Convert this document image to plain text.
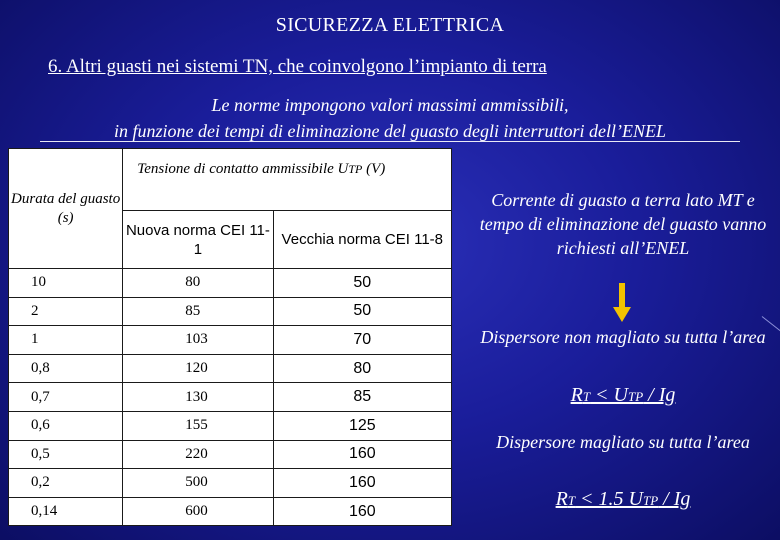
SICUREZZA ELETTRICA
6. Altri guasti nei sistemi TN, che coinvolgono l’impianto di terra
Le norme impongono valori massimi ammissibili,
in funzione dei tempi di eliminazione del guasto degli interruttori dell’ENEL
Durata del guasto (s)	Tensione di contatto ammissibile UTP (V)	
	Nuova norma CEI 11-1	Vecchia norma CEI 11-8
10	80	50
2	85	50
1	103	70
0,8	120	80
0,7	130	85
0,6	155	125
0,5	220	160
0,2	500	160
0,14	600	160
Corrente di guasto a terra lato MT e tempo di eliminazione del guasto vanno richiesti all’ENEL
Dispersore non magliato su tutta l’area
RT < UTP / Ig
Dispersore magliato su tutta l’area
RT < 1.5 UTP / Ig
